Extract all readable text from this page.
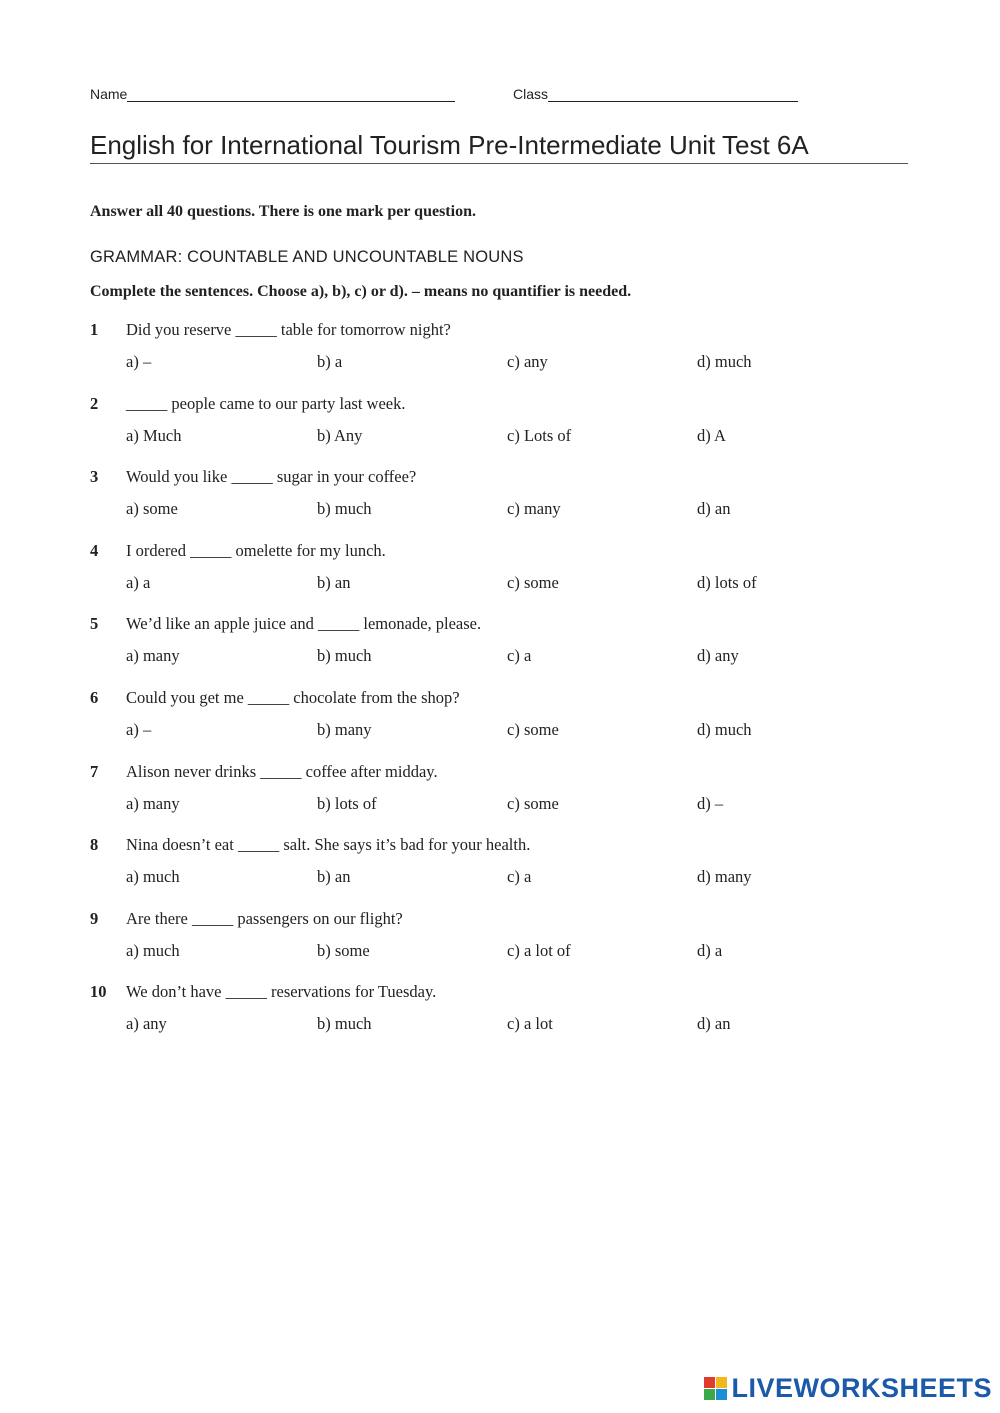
Name	Class
English for International Tourism Pre-Intermediate Unit Test 6A
Answer all 40 questions. There is one mark per question.
GRAMMAR: COUNTABLE AND UNCOUNTABLE NOUNS
Complete the sentences. Choose a), b), c) or d). – means no quantifier is needed.
1 Did you reserve _____ table for tomorrow night?
a) –	b) a	c) any	d) much
2 _____ people came to our party last week.
a) Much	b) Any	c) Lots of	d) A
3 Would you like _____ sugar in your coffee?
a) some	b) much	c) many	d) an
4 I ordered _____ omelette for my lunch.
a) a	b) an	c) some	d) lots of
5 We’d like an apple juice and _____ lemonade, please.
a) many	b) much	c) a	d) any
6 Could you get me _____ chocolate from the shop?
a) –	b) many	c) some	d) much
7 Alison never drinks _____ coffee after midday.
a) many	b) lots of	c) some	d) –
8 Nina doesn’t eat _____ salt. She says it’s bad for your health.
a) much	b) an	c) a	d) many
9 Are there _____ passengers on our flight?
a) much	b) some	c) a lot of	d) a
10 We don’t have _____ reservations for Tuesday.
a) any	b) much	c) a lot	d) an
LIVEWORKSHEETS
